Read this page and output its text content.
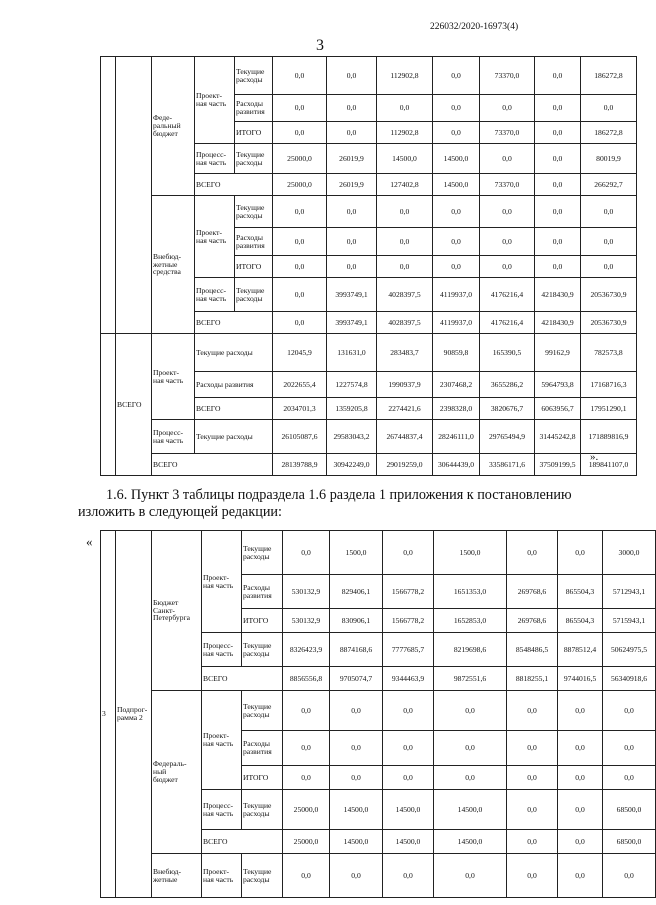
226032/2020-16973(4)
3
		Феде-
ральный
бюджет	Проект-
ная часть	Текущие
расходы	0,0	0,0	112902,8	0,0	73370,0	0,0	186272,8
				Расходы
развития	0,0	0,0	0,0	0,0	0,0	0,0	0,0
				ИТОГО	0,0	0,0	112902,8	0,0	73370,0	0,0	186272,8
			Процесс-
ная часть	Текущие
расходы	25000,0	26019,9	14500,0	14500,0	0,0	0,0	80019,9
			ВСЕГО		25000,0	26019,9	127402,8	14500,0	73370,0	0,0	266292,7
		Внебюд-
жетные
средства	Проект-
ная часть	Текущие
расходы	0,0	0,0	0,0	0,0	0,0	0,0	0,0
				Расходы
развития	0,0	0,0	0,0	0,0	0,0	0,0	0,0
				ИТОГО	0,0	0,0	0,0	0,0	0,0	0,0	0,0
			Процесс-
ная часть	Текущие
расходы	0,0	3993749,1	4028397,5	4119937,0	4176216,4	4218430,9	20536730,9
			ВСЕГО		0,0	3993749,1	4028397,5	4119937,0	4176216,4	4218430,9	20536730,9
	ВСЕГО	Проект-
ная часть	Текущие расходы		12045,9	131631,0	283483,7	90859,8	165390,5	99162,9	782573,8
			Расходы развития		2022655,4	1227574,8	1990937,9	2307468,2	3655286,2	5964793,8	17168716,3
			ВСЕГО		2034701,3	1359205,8	2274421,6	2398328,0	3820676,7	6063956,7	17951290,1
		Процесс-
ная часть	Текущие расходы		26105087,6	29583043,2	26744837,4	28246111,0	29765494,9	31445242,8	171889816,9
		ВСЕГО			28139788,9	30942249,0	29019259,0	30644439,0	33586171,6	37509199,5	189841107,0
».
1.6. Пункт 3 таблицы подраздела 1.6 раздела 1 приложения к постановлению
изложить в следующей редакции:
«
3	Подпрог-
рамма 2	Бюджет
Санкт-
Петербурга	Проект-
ная часть	Текущие
расходы	0,0	1500,0	0,0	1500,0	0,0	0,0	3000,0
				Расходы
развития	530132,9	829406,1	1566778,2	1651353,0	269768,6	865504,3	5712943,1
				ИТОГО	530132,9	830906,1	1566778,2	1652853,0	269768,6	865504,3	5715943,1
			Процесс-
ная часть	Текущие
расходы	8326423,9	8874168,6	7777685,7	8219698,6	8548486,5	8878512,4	50624975,5
			ВСЕГО		8856556,8	9705074,7	9344463,9	9872551,6	8818255,1	9744016,5	56340918,6
		Федераль-
ный
бюджет	Проект-
ная часть	Текущие
расходы	0,0	0,0	0,0	0,0	0,0	0,0	0,0
				Расходы
развития	0,0	0,0	0,0	0,0	0,0	0,0	0,0
				ИТОГО	0,0	0,0	0,0	0,0	0,0	0,0	0,0
			Процесс-
ная часть	Текущие
расходы	25000,0	14500,0	14500,0	14500,0	0,0	0,0	68500,0
			ВСЕГО		25000,0	14500,0	14500,0	14500,0	0,0	0,0	68500,0
		Внебюд-
жетные	Проект-
ная часть	Текущие
расходы	0,0	0,0	0,0	0,0	0,0	0,0	0,0
